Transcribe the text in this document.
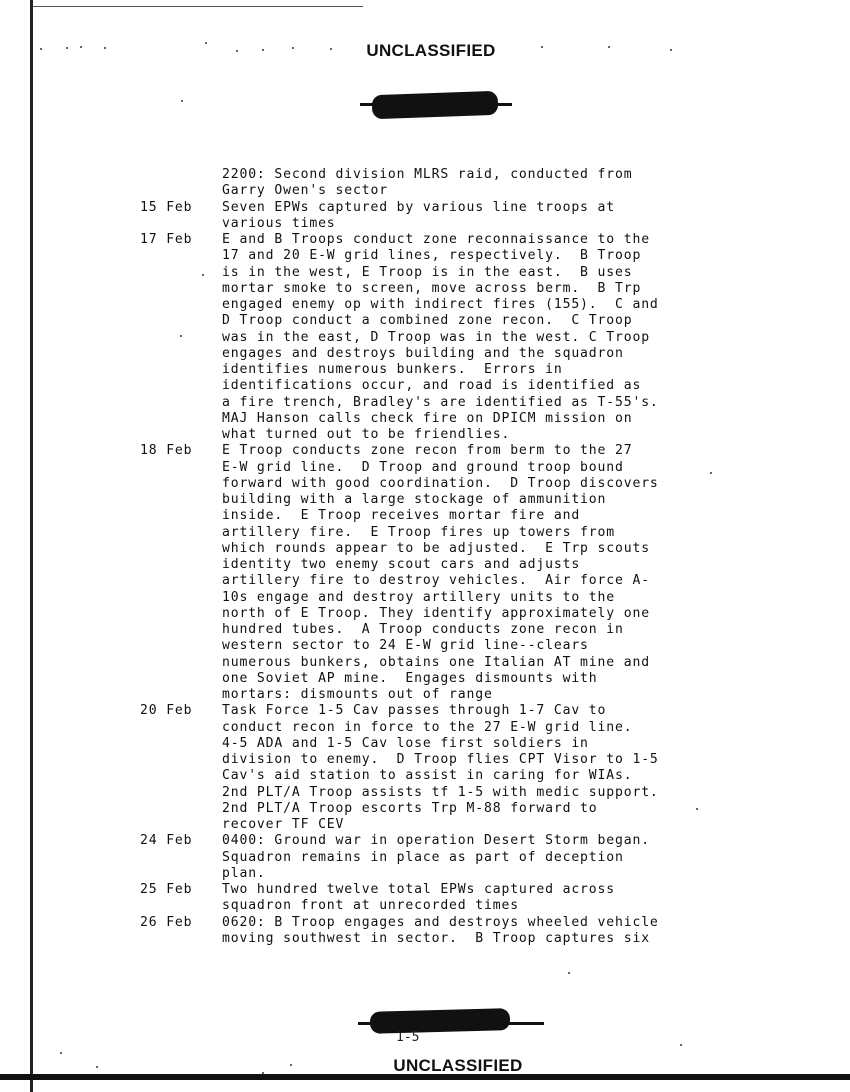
UNCLASSIFIED
2200: Second division MLRS raid, conducted from
Garry Owen's sector
15 Feb	Seven EPWs captured by various line troops at
various times
17 Feb	E and B Troops conduct zone reconnaissance to the
17 and 20 E-W grid lines, respectively.  B Troop
is in the west, E Troop is in the east.  B uses
mortar smoke to screen, move across berm.  B Trp
engaged enemy op with indirect fires (155).  C and
D Troop conduct a combined zone recon.  C Troop
was in the east, D Troop was in the west. C Troop
engages and destroys building and the squadron
identifies numerous bunkers.  Errors in
identifications occur, and road is identified as
a fire trench, Bradley's are identified as T-55's.
MAJ Hanson calls check fire on DPICM mission on
what turned out to be friendlies.
18 Feb	E Troop conducts zone recon from berm to the 27
E-W grid line.  D Troop and ground troop bound
forward with good coordination.  D Troop discovers
building with a large stockage of ammunition
inside.  E Troop receives mortar fire and
artillery fire.  E Troop fires up towers from
which rounds appear to be adjusted.  E Trp scouts
identity two enemy scout cars and adjusts
artillery fire to destroy vehicles.  Air force A-
10s engage and destroy artillery units to the
north of E Troop. They identify approximately one
hundred tubes.  A Troop conducts zone recon in
western sector to 24 E-W grid line--clears
numerous bunkers, obtains one Italian AT mine and
one Soviet AP mine.  Engages dismounts with
mortars: dismounts out of range
20 Feb	Task Force 1-5 Cav passes through 1-7 Cav to
conduct recon in force to the 27 E-W grid line.
4-5 ADA and 1-5 Cav lose first soldiers in
division to enemy.  D Troop flies CPT Visor to 1-5
Cav's aid station to assist in caring for WIAs.
2nd PLT/A Troop assists tf 1-5 with medic support.
2nd PLT/A Troop escorts Trp M-88 forward to
recover TF CEV
24 Feb	0400: Ground war in operation Desert Storm began.
Squadron remains in place as part of deception
plan.
25 Feb	Two hundred twelve total EPWs captured across
squadron front at unrecorded times
26 Feb	0620: B Troop engages and destroys wheeled vehicle
moving southwest in sector.  B Troop captures six
1-5
UNCLASSIFIED
